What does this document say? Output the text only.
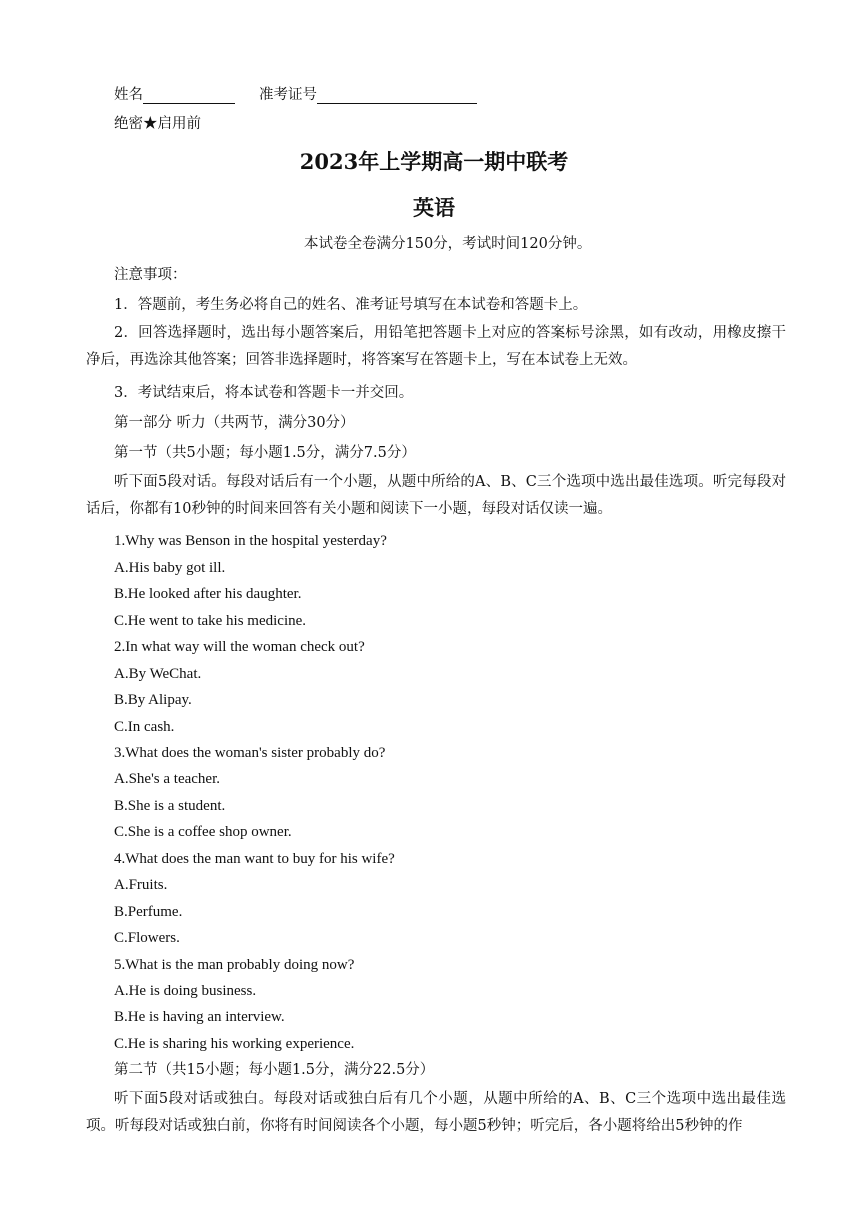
姓名	准考证号
绝密★启用前
2023年上学期高一期中联考
英语
本试卷全卷满分150分，考试时间120分钟。
注意事项：
1．答题前，考生务必将自己的姓名、准考证号填写在本试卷和答题卡上。
2．回答选择题时，选出每小题答案后，用铅笔把答题卡上对应的答案标号涂黑，如有改动，用橡皮擦干净后，再选涂其他答案；回答非选择题时，将答案写在答题卡上，写在本试卷上无效。
3．考试结束后，将本试卷和答题卡一并交回。
第一部分 听力（共两节，满分30分）
第一节（共5小题；每小题1.5分，满分7.5分）
听下面5段对话。每段对话后有一个小题，从题中所给的A、B、C三个选项中选出最佳选项。听完每段对话后，你都有10秒钟的时间来回答有关小题和阅读下一小题，每段对话仅读一遍。
1.Why was Benson in the hospital yesterday?
A.His baby got ill.
B.He looked after his daughter.
C.He went to take his medicine.
2.In what way will the woman check out?
A.By WeChat.
B.By Alipay.
C.In cash.
3.What does the woman's sister probably do?
A.She's a teacher.
B.She is a student.
C.She is a coffee shop owner.
4.What does the man want to buy for his wife?
A.Fruits.
B.Perfume.
C.Flowers.
5.What is the man probably doing now?
A.He is doing business.
B.He is having an interview.
C.He is sharing his working experience.
第二节（共15小题；每小题1.5分，满分22.5分）
听下面5段对话或独白。每段对话或独白后有几个小题，从题中所给的A、B、C三个选项中选出最佳选项。听每段对话或独白前，你将有时间阅读各个小题，每小题5秒钟；听完后，各小题将给出5秒钟的作
